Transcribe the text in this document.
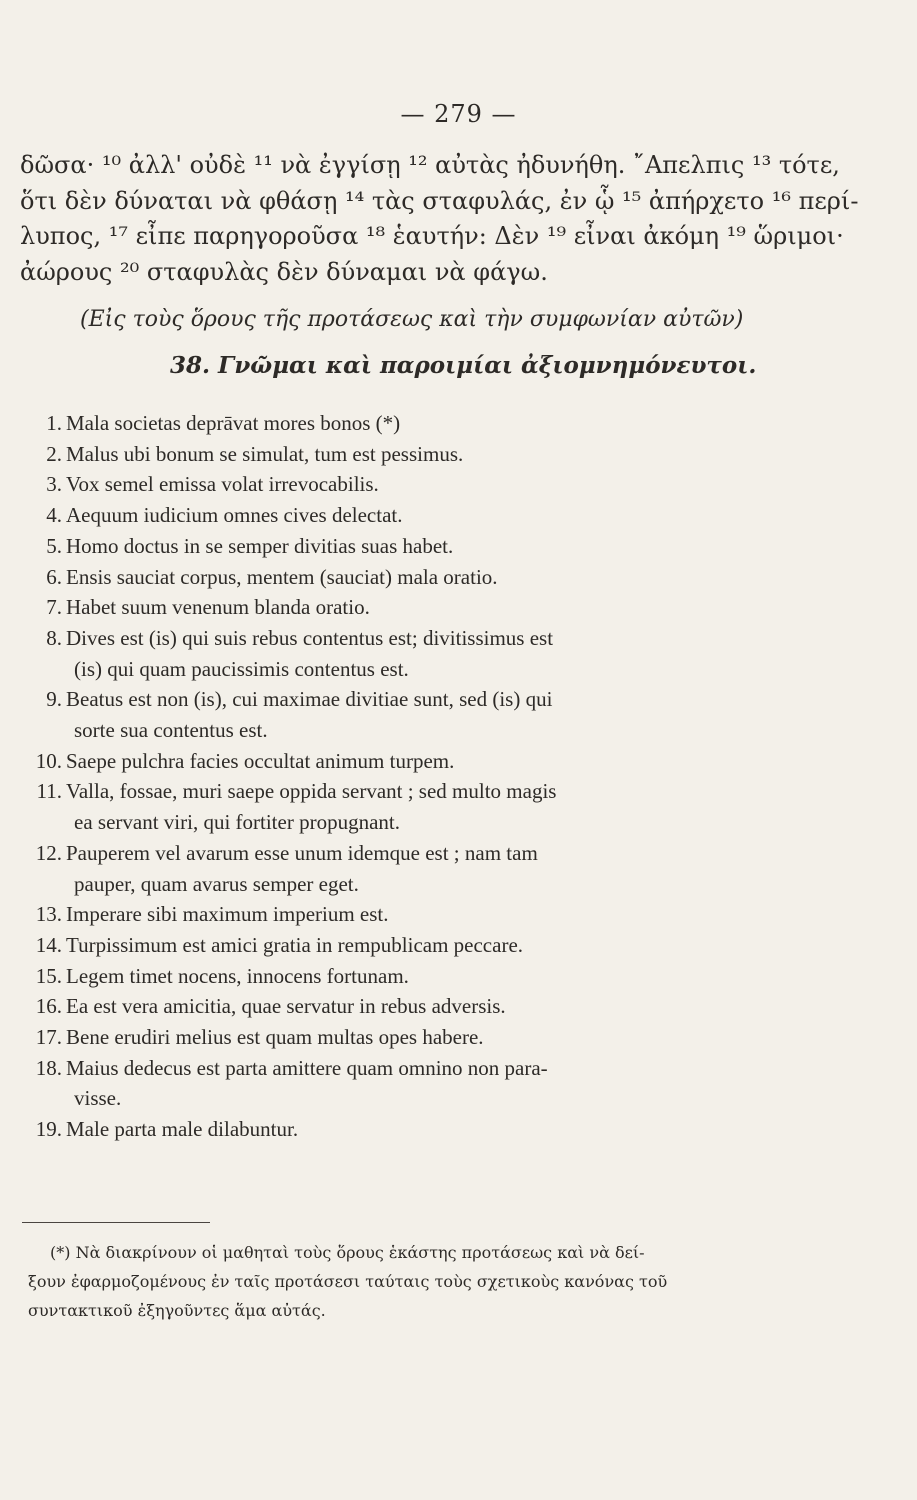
— 279 —
δῶσα· ¹⁰ ἀλλ' οὐδὲ ¹¹ νὰ ἐγγίσῃ ¹² αὐτὰς ἠδυνήθη. ῎Απελπις ¹³ τότε,
ὅτι δὲν δύναται νὰ φθάσῃ ¹⁴ τὰς σταφυλάς, ἐν ᾧ ¹⁵ ἀπήρχετο ¹⁶ περί-
λυπος, ¹⁷ εἶπε παρηγοροῦσα ¹⁸ ἑαυτήν: Δὲν ¹⁹ εἶναι ἀκόμη ¹⁹ ὥριμοι·
ἀώρους ²⁰ σταφυλὰς δὲν δύναμαι νὰ φάγω.
(Εἰς τοὺς ὅρους τῆς προτάσεως καὶ τὴν συμφωνίαν αὐτῶν)
38. Γνῶμαι καὶ παροιμίαι ἀξιομνημόνευτοι.
1. Mala societas deprāvat mores bonos (*)
2. Malus ubi bonum se simulat, tum est pessimus.
3. Vox semel emissa volat irrevocabilis.
4. Aequum iudicium omnes cives delectat.
5. Homo doctus in se semper divitias suas habet.
6. Ensis sauciat corpus, mentem (sauciat) mala oratio.
7. Habet suum venenum blanda oratio.
8. Dives est (is) qui suis rebus contentus est; divitissimus est
(is) qui quam paucissimis contentus est.
9. Beatus est non (is), cui maximae divitiae sunt, sed (is) qui
sorte sua contentus est.
10. Saepe pulchra facies occultat animum turpem.
11. Valla, fossae, muri saepe oppida servant ; sed multo magis
ea servant viri, qui fortiter propugnant.
12. Pauperem vel avarum esse unum idemque est ; nam tam
pauper, quam avarus semper eget.
13. Imperare sibi maximum imperium est.
14. Turpissimum est amici gratia in rempublicam peccare.
15. Legem timet nocens, innocens fortunam.
16. Ea est vera amicitia, quae servatur in rebus adversis.
17. Bene erudiri melius est quam multas opes habere.
18. Maius dedecus est parta amittere quam omnino non para-
visse.
19. Male parta male dilabuntur.
(*) Νὰ διακρίνουν οἱ μαθηταὶ τοὺς ὅρους ἑκάστης προτάσεως καὶ νὰ δεί-
ξουν ἐφαρμοζομένους ἐν ταῖς προτάσεσι ταύταις τοὺς σχετικοὺς κανόνας τοῦ
συντακτικοῦ ἐξηγοῦντες ἅμα αὐτάς.
